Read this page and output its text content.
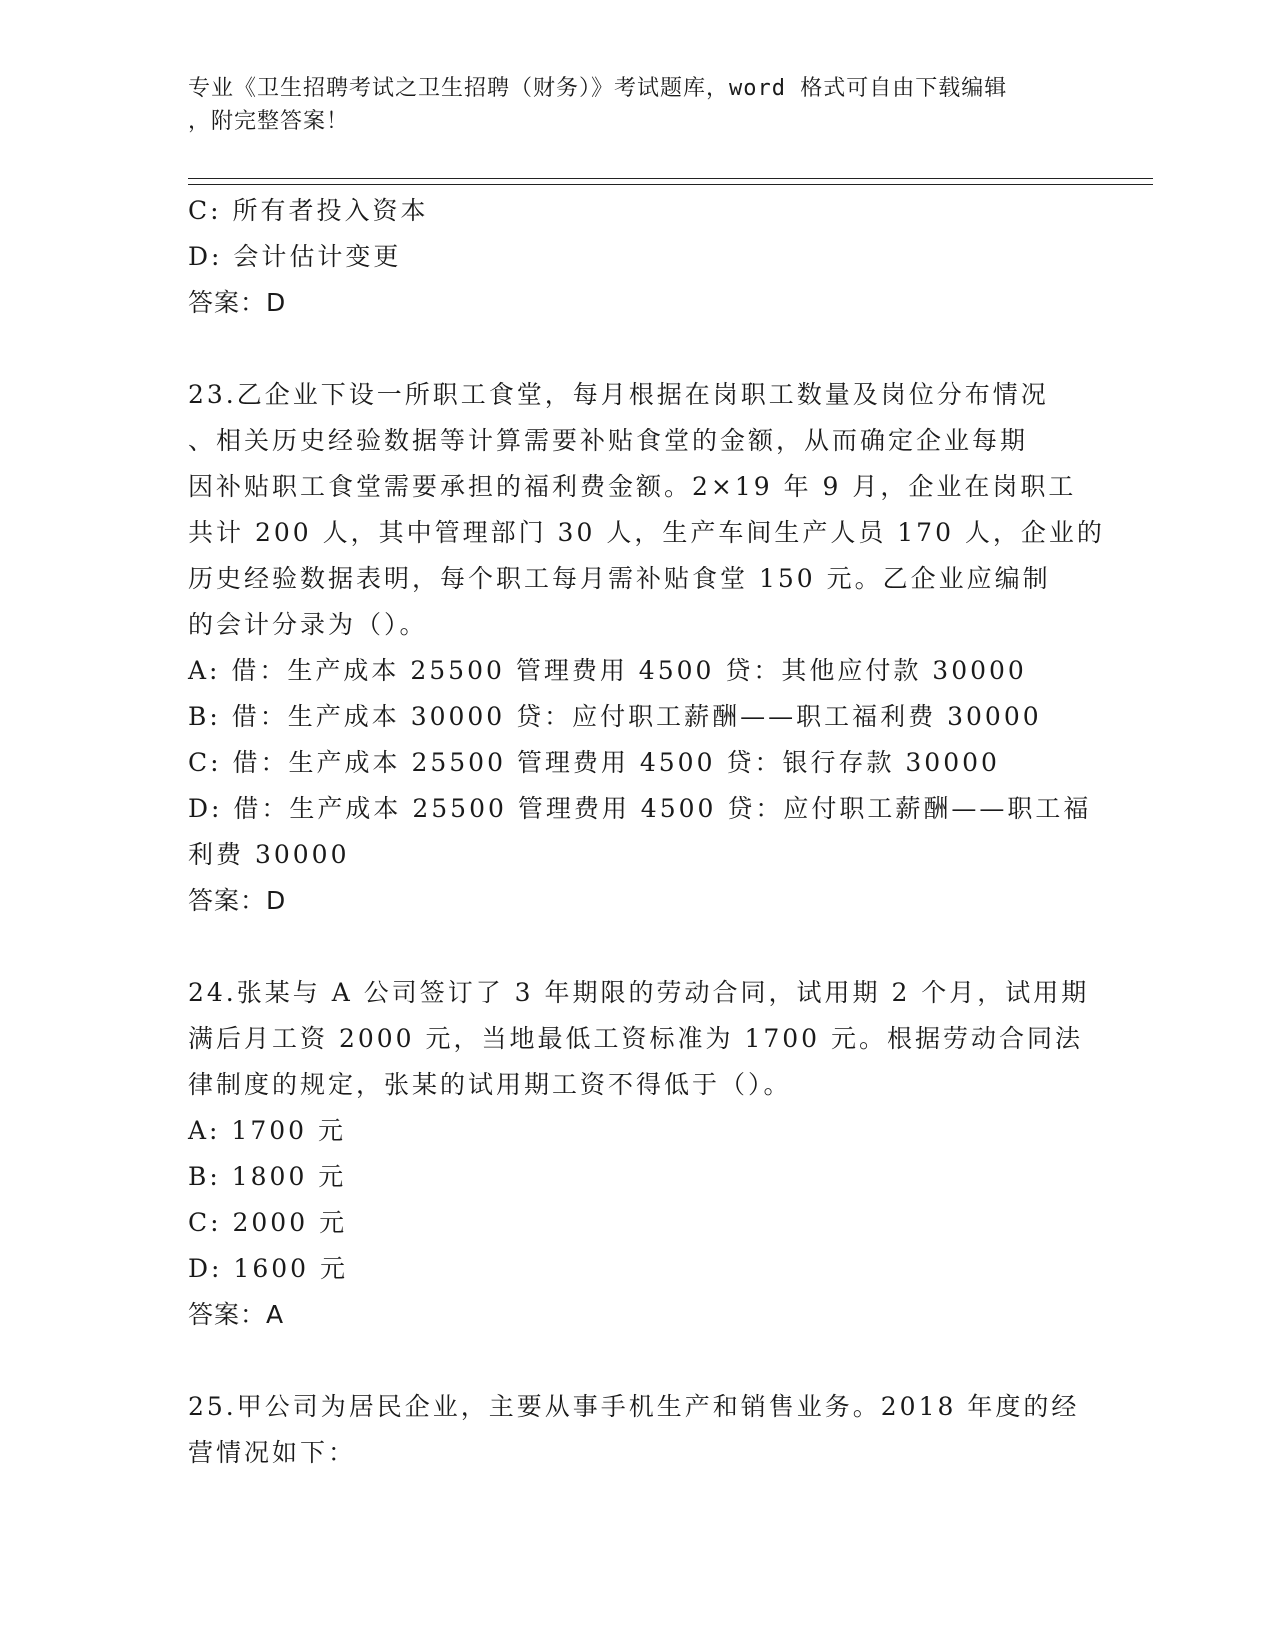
专业《卫生招聘考试之卫生招聘（财务）》考试题库，word 格式可自由下载编辑
，附完整答案！
C: 所有者投入资本
D: 会计估计变更
答案：D
23.乙企业下设一所职工食堂，每月根据在岗职工数量及岗位分布情况
、相关历史经验数据等计算需要补贴食堂的金额，从而确定企业每期
因补贴职工食堂需要承担的福利费金额。2×19 年 9 月，企业在岗职工
共计 200 人，其中管理部门 30 人，生产车间生产人员 170 人，企业的
历史经验数据表明，每个职工每月需补贴食堂 150 元。乙企业应编制
的会计分录为（）。
A: 借：生产成本 25500 管理费用 4500 贷：其他应付款 30000
B: 借：生产成本 30000 贷：应付职工薪酬——职工福利费 30000
C: 借：生产成本 25500 管理费用 4500 贷：银行存款 30000
D: 借：生产成本 25500 管理费用 4500 贷：应付职工薪酬——职工福
利费 30000
答案：D
24.张某与 A 公司签订了 3 年期限的劳动合同，试用期 2 个月，试用期
满后月工资 2000 元，当地最低工资标准为 1700 元。根据劳动合同法
律制度的规定，张某的试用期工资不得低于（）。
A: 1700 元
B: 1800 元
C: 2000 元
D: 1600 元
答案：A
25.甲公司为居民企业，主要从事手机生产和销售业务。2018 年度的经
营情况如下：
